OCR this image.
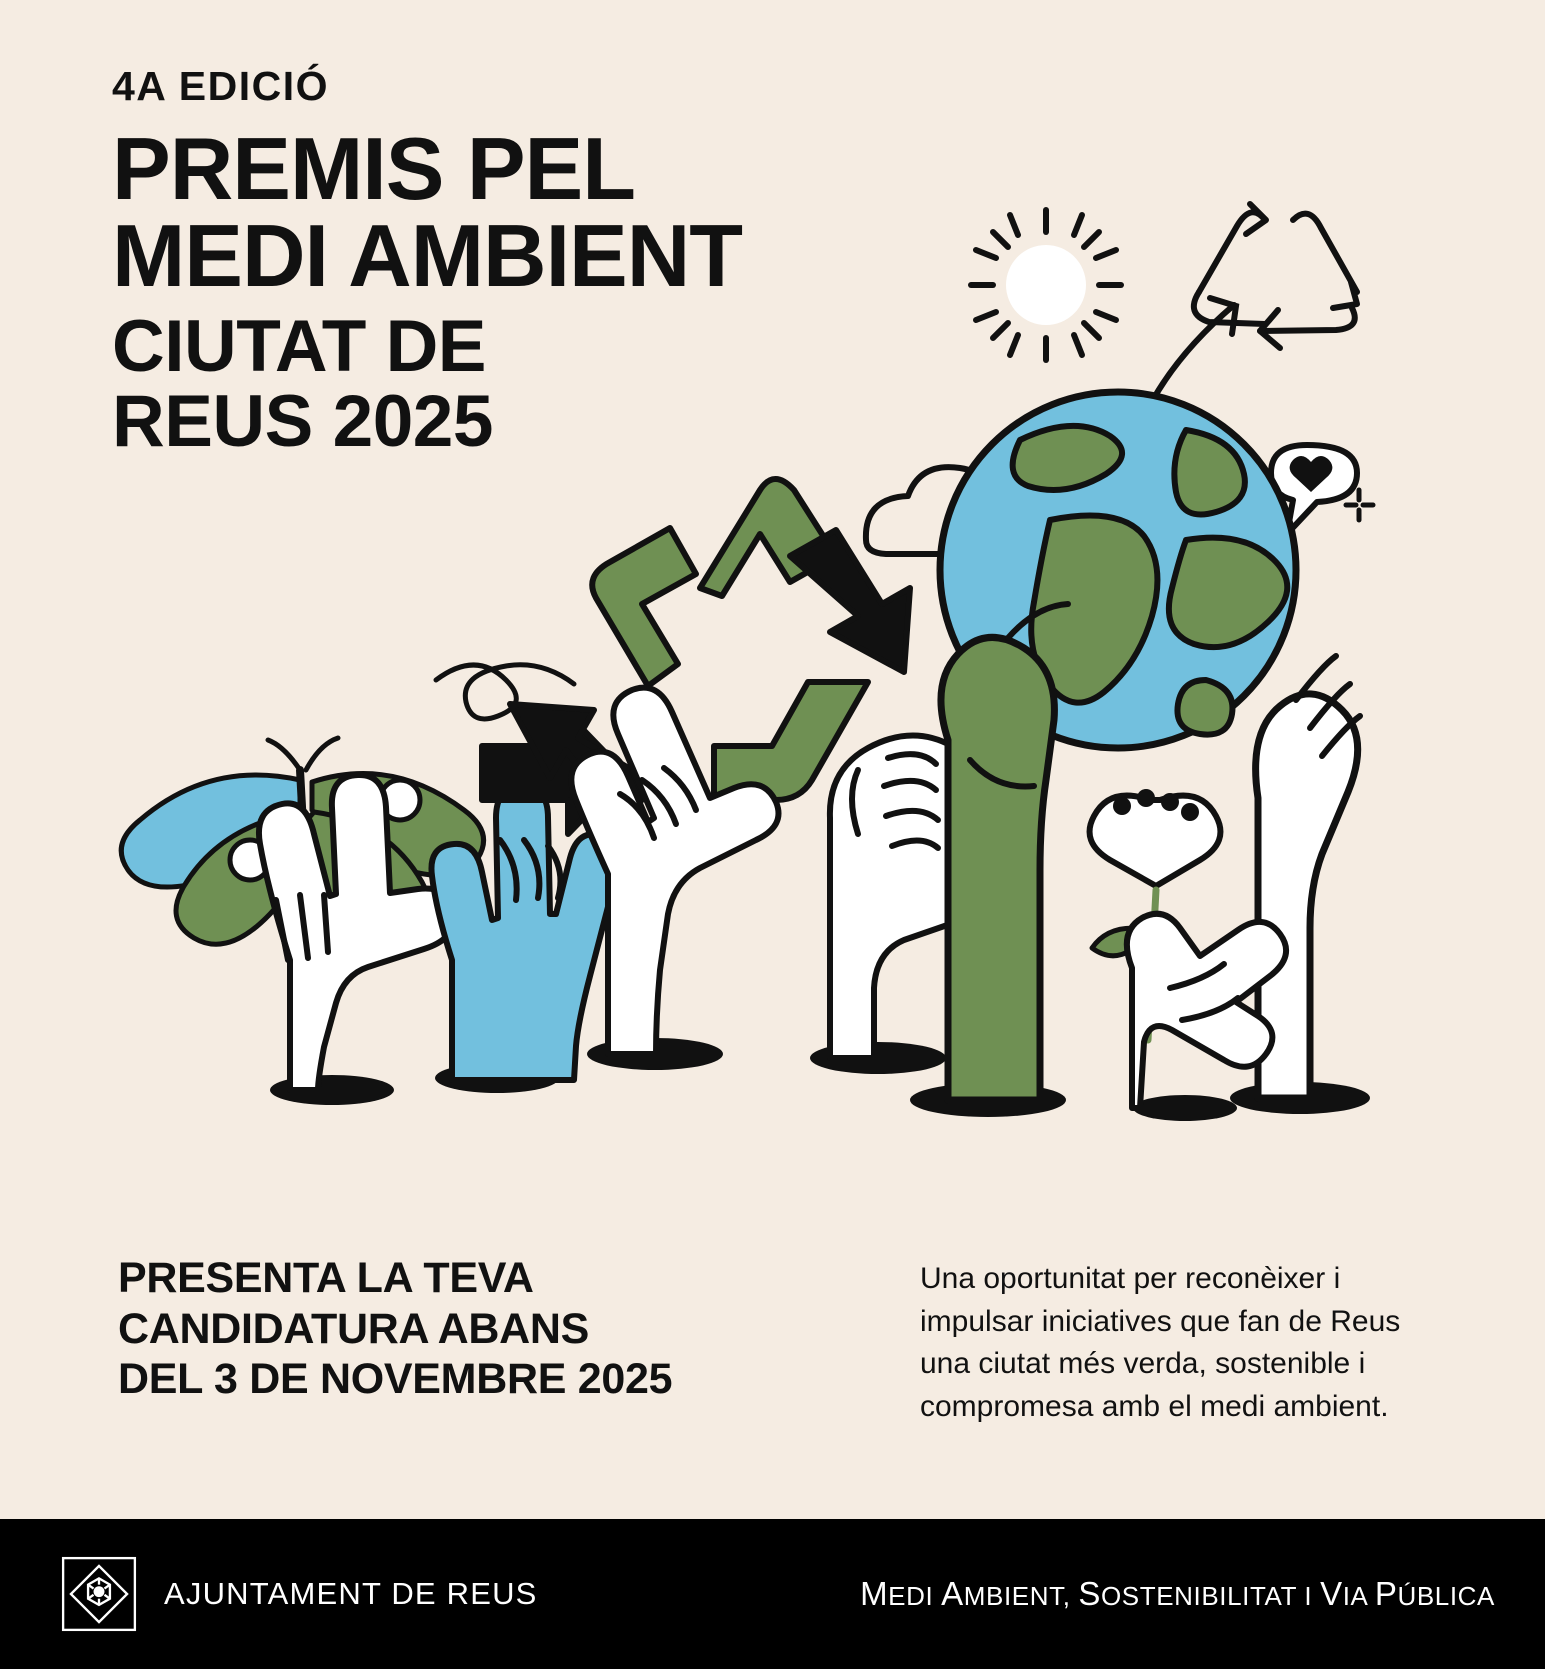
4A EDICIÓ
PREMIS PEL
MEDI AMBIENT
CIUTAT DE
REUS 2025
PRESENTA LA TEVA
CANDIDATURA ABANS
DEL 3 DE NOVEMBRE 2025
Una oportunitat per reconèixer i impulsar iniciatives que fan de Reus una ciutat més verda, sostenible i compromesa amb el medi ambient.
AJUNTAMENT DE REUS	MEDI AMBIENT, SOSTENIBILITAT I VIA PÚBLICA
